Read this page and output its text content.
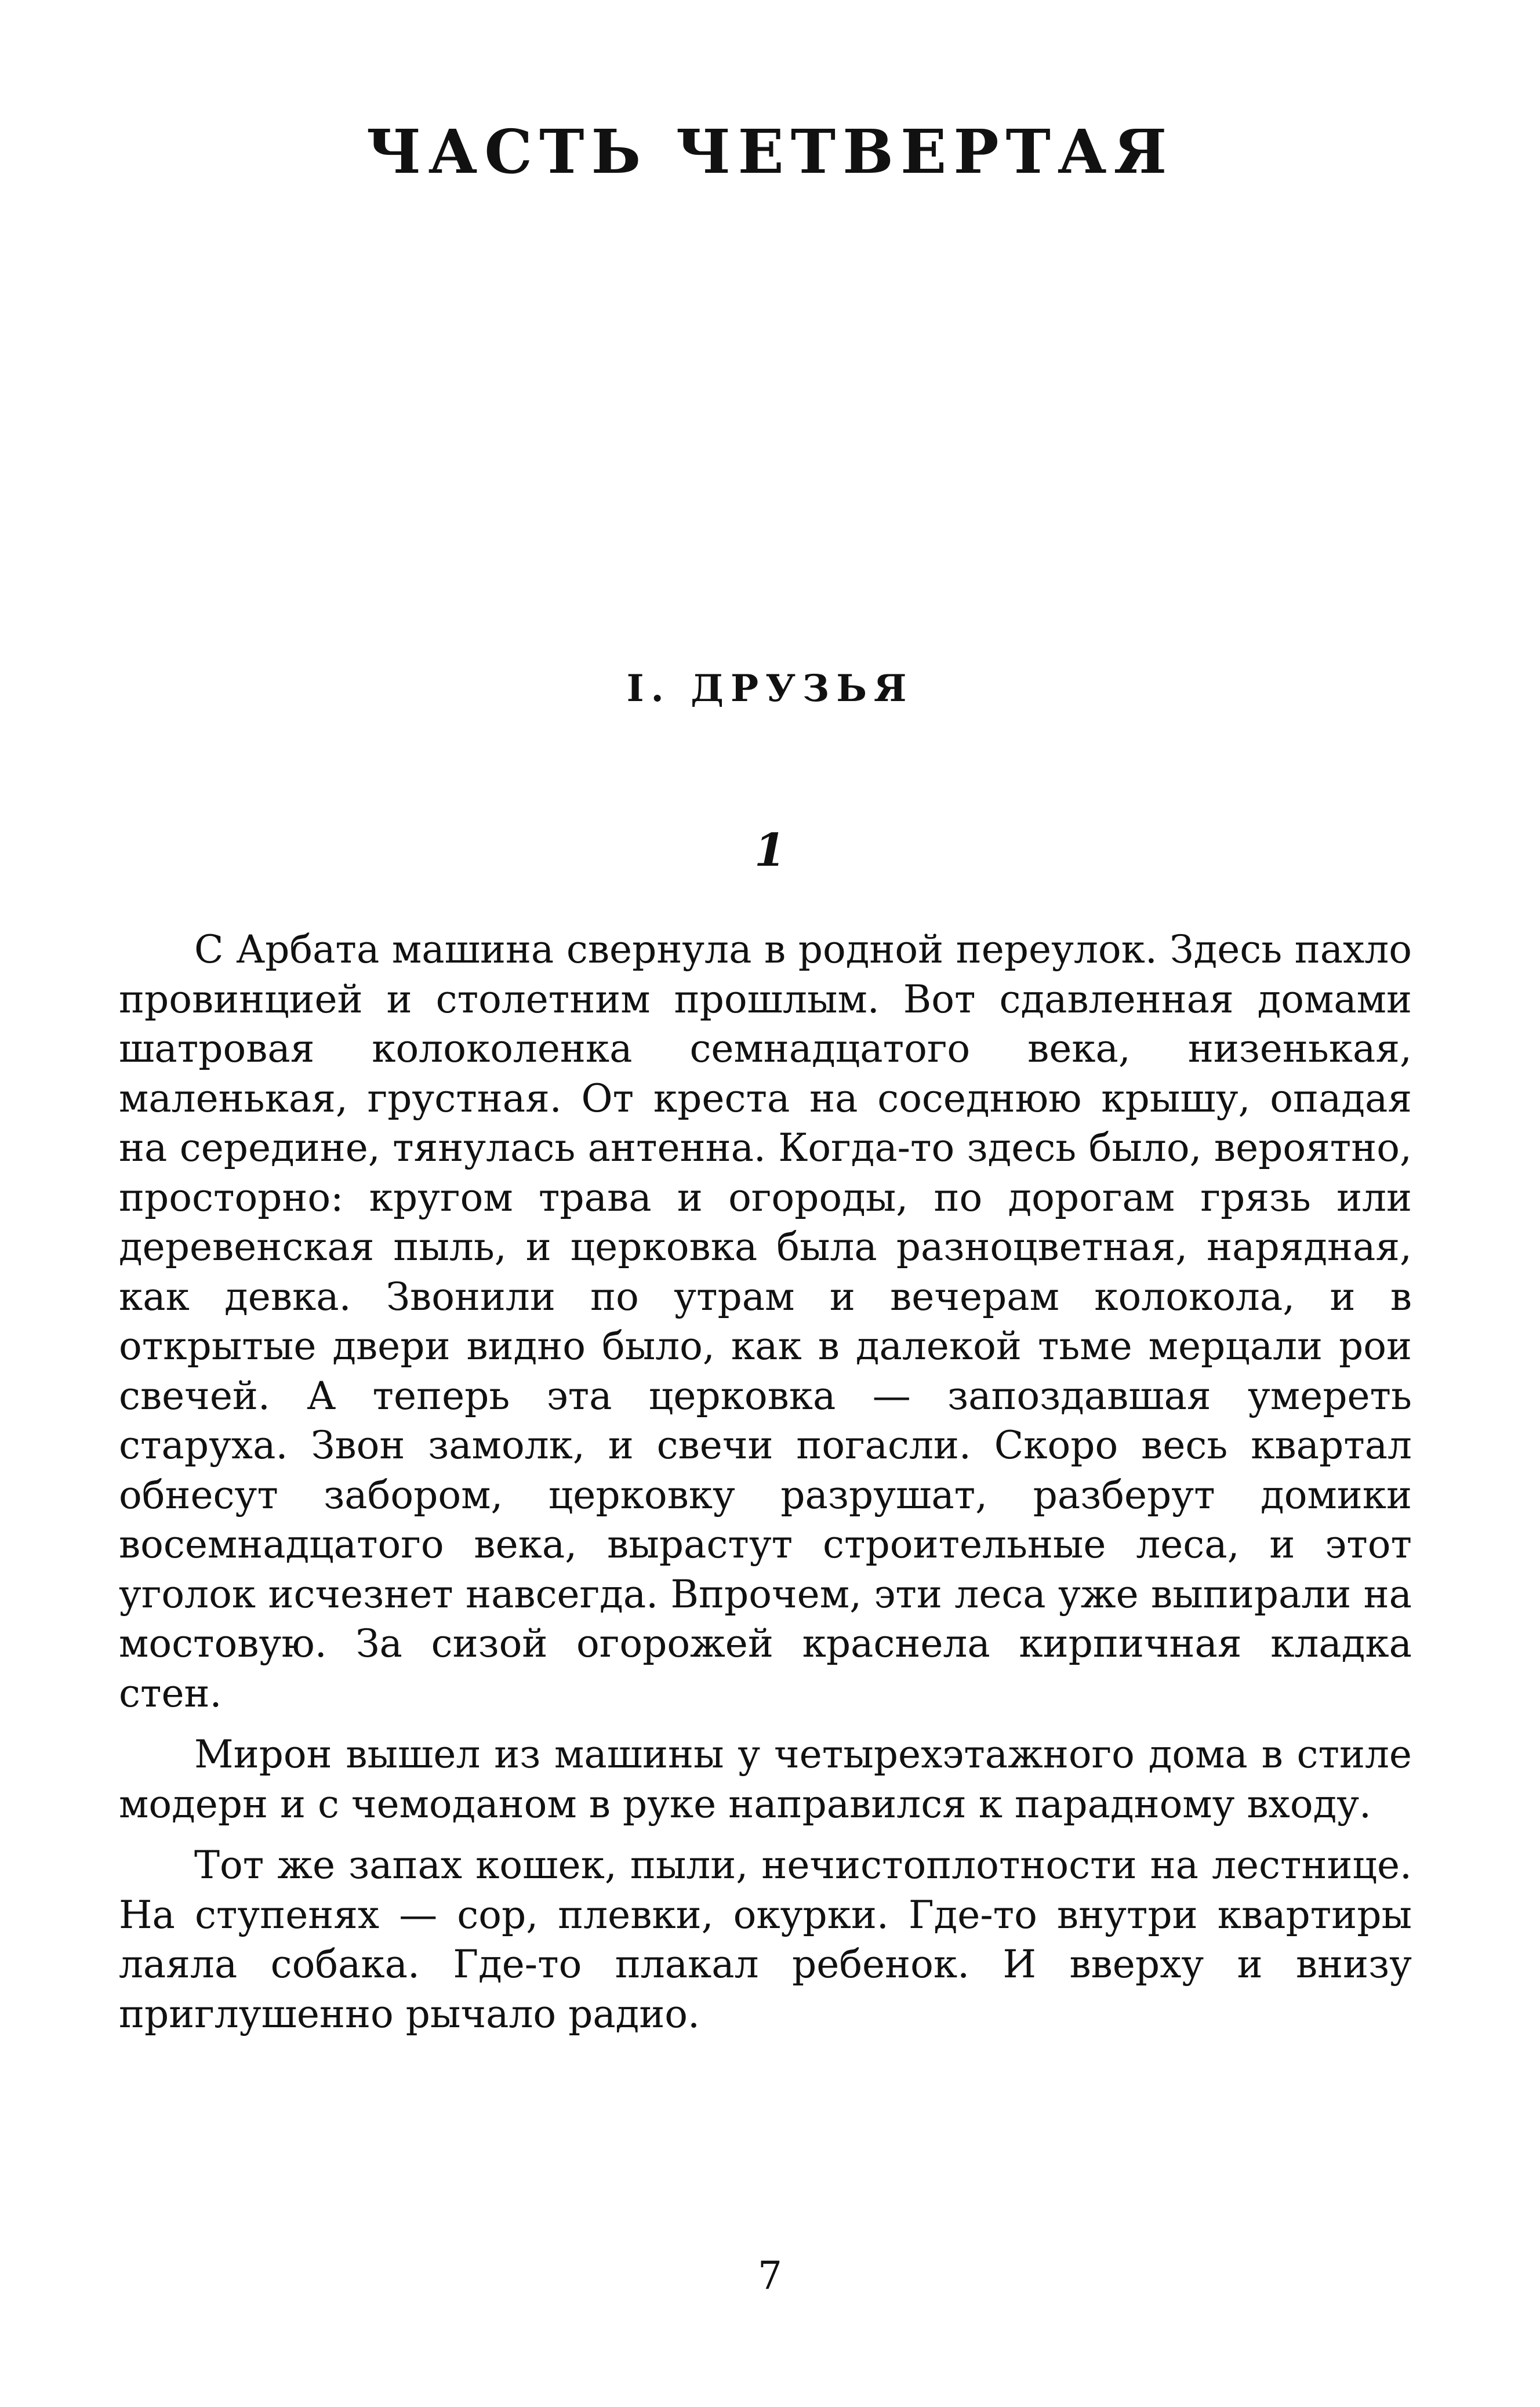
ЧАСТЬ ЧЕТВЕРТАЯ
I. ДРУЗЬЯ
1

С Арбата машина свернула в родной переулок. Здесь пахло провинцией и столетним прошлым. Вот сдавленная домами шатровая колоколенка семнадцатого века, низенькая, маленькая, грустная. От креста на соседнюю крышу, опадая на середине, тянулась антенна. Когда-то здесь было, вероятно, просторно: кругом трава и огороды, по дорогам грязь или деревенская пыль, и церковка была разноцветная, нарядная, как девка. Звонили по утрам и вечерам колокола, и в открытые двери видно было, как в далекой тьме мерцали рои свечей. А теперь эта церковка — запоздавшая умереть старуха. Звон замолк, и свечи погасли. Скоро весь квартал обнесут забором, церковку разрушат, разберут домики восемнадцатого века, вырастут строительные леса, и этот уголок исчезнет навсегда. Впрочем, эти леса уже выпирали на мостовую. За сизой огорожей краснела кирпичная кладка стен.

Мирон вышел из машины у четырехэтажного дома в стиле модерн и с чемоданом в руке направился к парадному входу.

Тот же запах кошек, пыли, нечистоплотности на лестнице. На ступенях — сор, плевки, окурки. Где-то внутри квартиры лаяла собака. Где-то плакал ребенок. И вверху и внизу приглушенно рычало радио.

7
